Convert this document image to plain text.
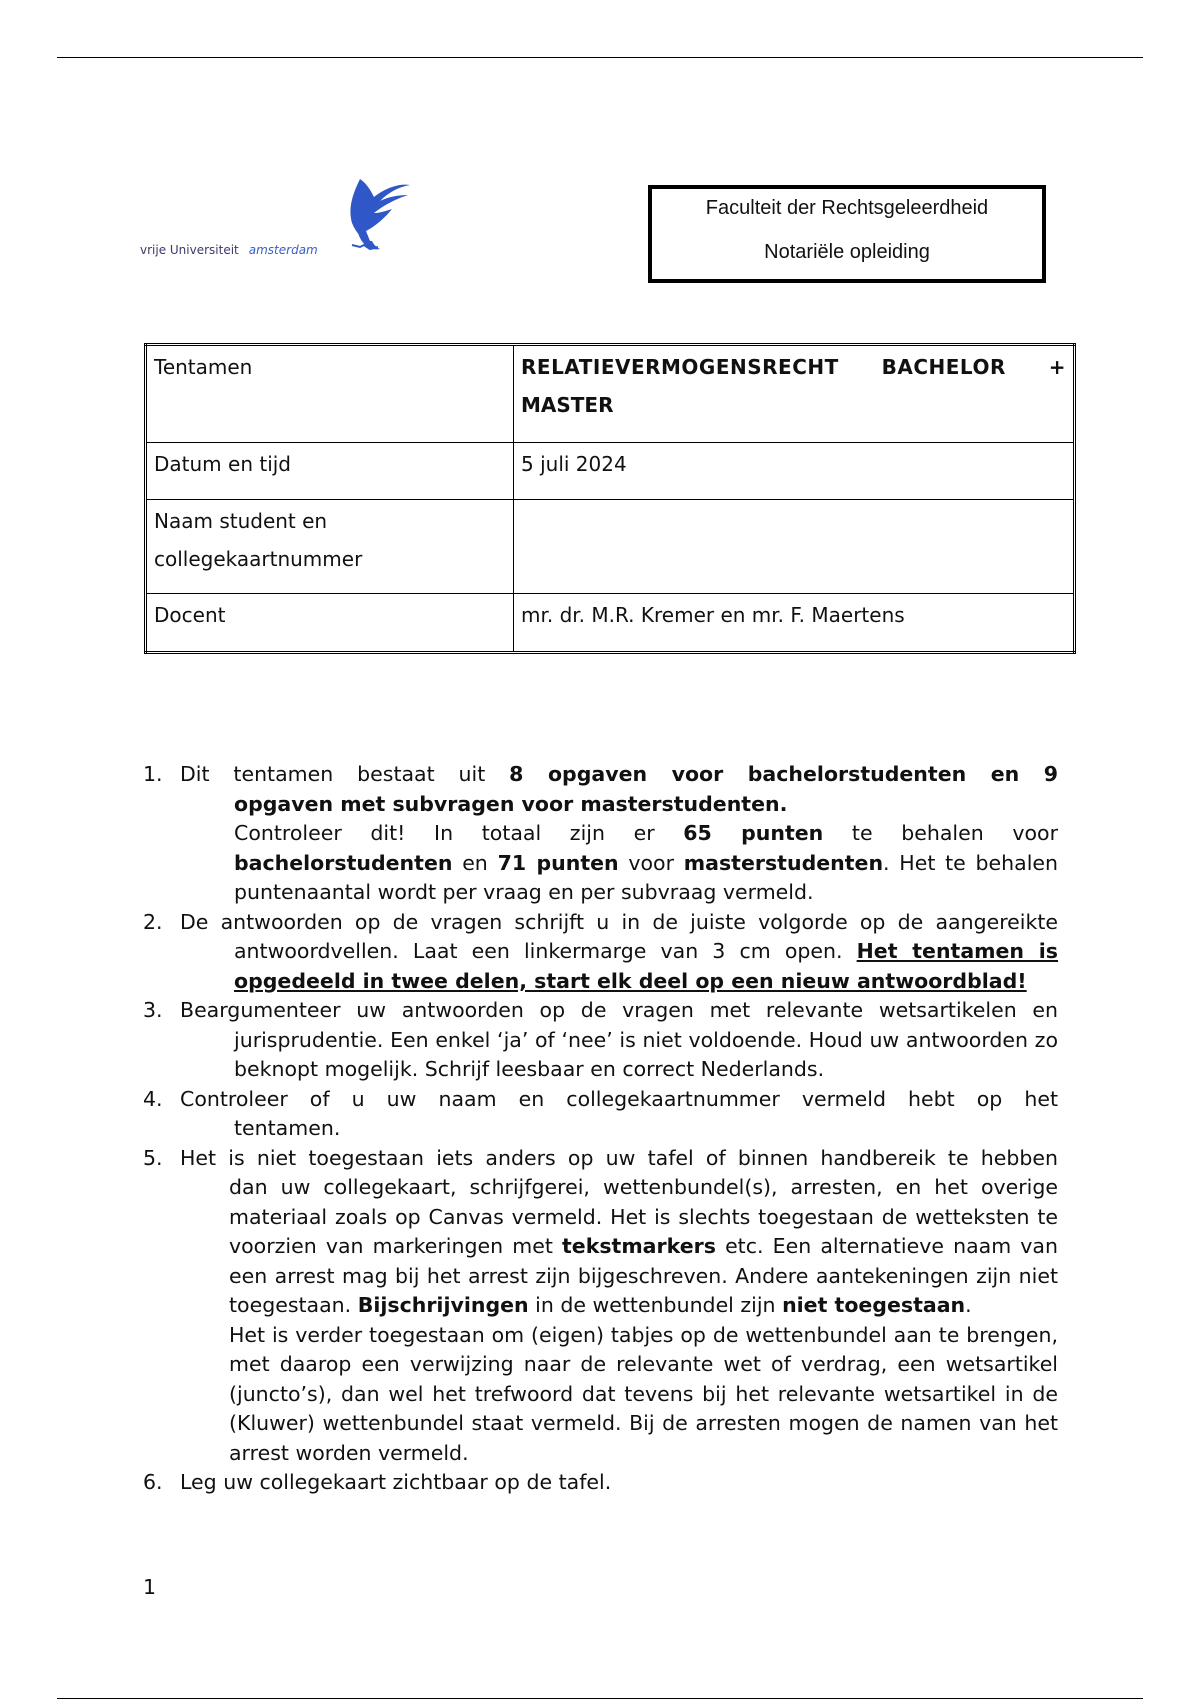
vrije Universiteit amsterdam
Faculteit der Rechtsgeleerdheid
Notariële opleiding
Tentamen	RELATIEVERMOGENSRECHT BACHELOR +
MASTER

Datum en tijd	5 juli 2024

Naam student en
collegekaartnummer	

Docent	mr. dr. M.R. Kremer en mr. F. Maertens
1. Dit tentamen bestaat uit 8 opgaven voor bachelorstudenten en 9
opgaven met subvragen voor masterstudenten.
Controleer dit! In totaal zijn er 65 punten te behalen voor bachelorstudenten en 71 punten voor masterstudenten. Het te behalen puntenaantal wordt per vraag en per subvraag vermeld.
2. De antwoorden op de vragen schrijft u in de juiste volgorde op de aangereikte
antwoordvellen. Laat een linkermarge van 3 cm open. Het tentamen is opgedeeld in twee delen, start elk deel op een nieuw antwoordblad!
3. Beargumenteer uw antwoorden op de vragen met relevante wetsartikelen en
jurisprudentie. Een enkel ‘ja’ of ‘nee’ is niet voldoende. Houd uw antwoorden zo beknopt mogelijk. Schrijf leesbaar en correct Nederlands.
4. Controleer of u uw naam en collegekaartnummer vermeld hebt op het
tentamen.
5. Het is niet toegestaan iets anders op uw tafel of binnen handbereik te hebben
dan uw collegekaart, schrijfgerei, wettenbundel(s), arresten, en het overige materiaal zoals op Canvas vermeld. Het is slechts toegestaan de wetteksten te voorzien van markeringen met tekstmarkers etc. Een alternatieve naam van een arrest mag bij het arrest zijn bijgeschreven. Andere aantekeningen zijn niet toegestaan. Bijschrijvingen in de wettenbundel zijn niet toegestaan.
Het is verder toegestaan om (eigen) tabjes op de wettenbundel aan te brengen, met daarop een verwijzing naar de relevante wet of verdrag, een wetsartikel (juncto’s), dan wel het trefwoord dat tevens bij het relevante wetsartikel in de (Kluwer) wettenbundel staat vermeld. Bij de arresten mogen de namen van het arrest worden vermeld.
6. Leg uw collegekaart zichtbaar op de tafel.
1
